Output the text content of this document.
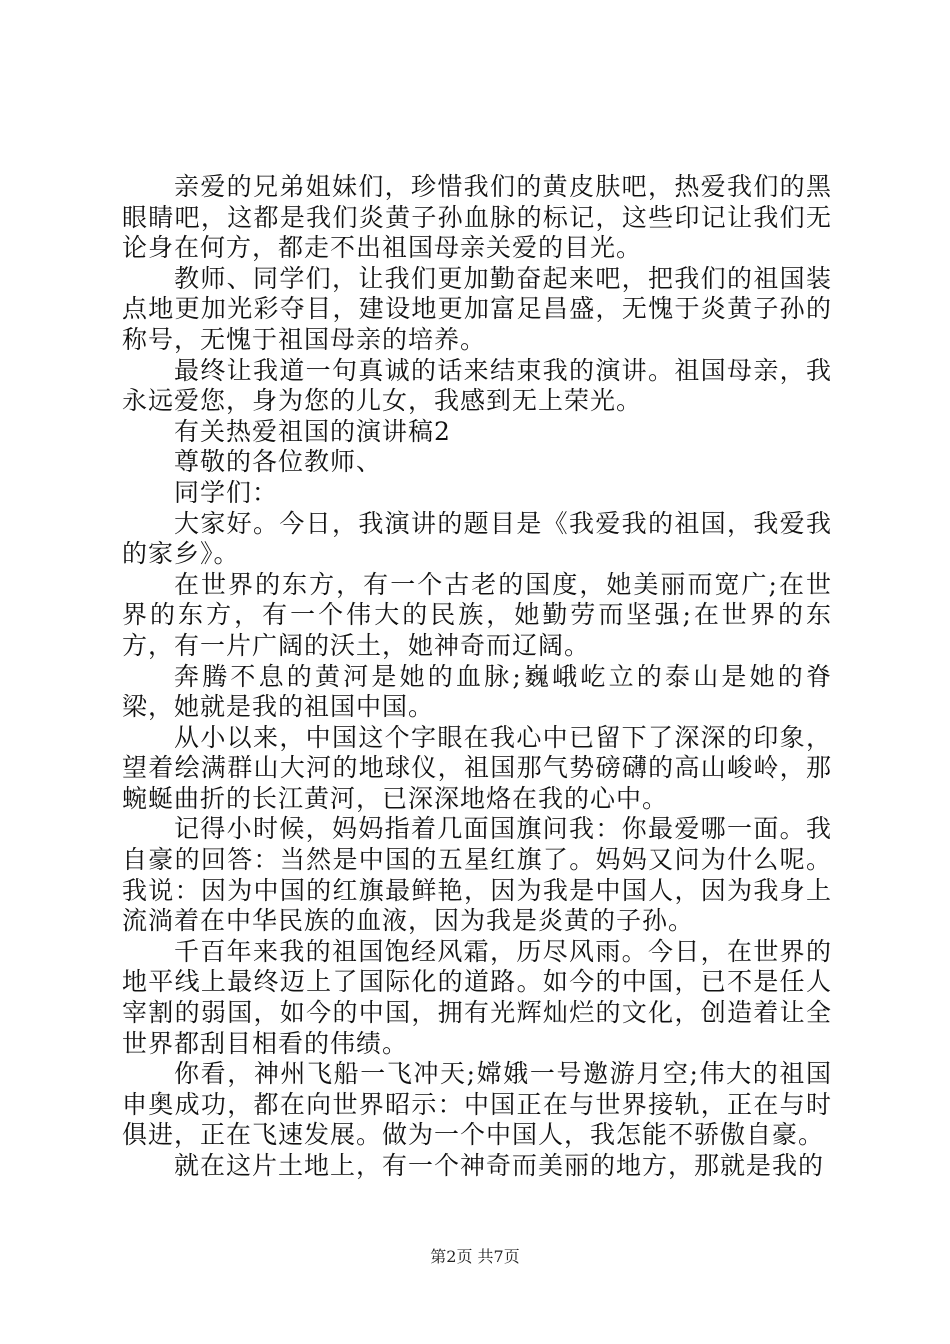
亲爱的兄弟姐妹们，珍惜我们的黄皮肤吧，热爱我们的黑眼睛吧，这都是我们炎黄子孙血脉的标记，这些印记让我们无论身在何方，都走不出祖国母亲关爱的目光。

教师、同学们，让我们更加勤奋起来吧，把我们的祖国装点地更加光彩夺目，建设地更加富足昌盛，无愧于炎黄子孙的称号，无愧于祖国母亲的培养。

最终让我道一句真诚的话来结束我的演讲。祖国母亲，我永远爱您，身为您的儿女，我感到无上荣光。

有关热爱祖国的演讲稿2

尊敬的各位教师、

同学们：

大家好。今日，我演讲的题目是《我爱我的祖国，我爱我的家乡》。

在世界的东方，有一个古老的国度，她美丽而宽广;在世界的东方，有一个伟大的民族，她勤劳而坚强;在世界的东方，有一片广阔的沃土，她神奇而辽阔。

奔腾不息的黄河是她的血脉;巍峨屹立的泰山是她的脊梁，她就是我的祖国中国。

从小以来，中国这个字眼在我心中已留下了深深的印象，望着绘满群山大河的地球仪，祖国那气势磅礴的高山峻岭，那蜿蜒曲折的长江黄河，已深深地烙在我的心中。

记得小时候，妈妈指着几面国旗问我：你最爱哪一面。我自豪的回答：当然是中国的五星红旗了。妈妈又问为什么呢。我说：因为中国的红旗最鲜艳，因为我是中国人，因为我身上流淌着在中华民族的血液，因为我是炎黄的子孙。

千百年来我的祖国饱经风霜，历尽风雨。今日，在世界的地平线上最终迈上了国际化的道路。如今的中国，已不是任人宰割的弱国，如今的中国，拥有光辉灿烂的文化，创造着让全世界都刮目相看的伟绩。

你看，神州飞船一飞冲天;嫦娥一号邀游月空;伟大的祖国申奥成功，都在向世界昭示：中国正在与世界接轨，正在与时俱进，正在飞速发展。做为一个中国人，我怎能不骄傲自豪。

就在这片土地上，有一个神奇而美丽的地方，那就是我的

第2页 共7页
